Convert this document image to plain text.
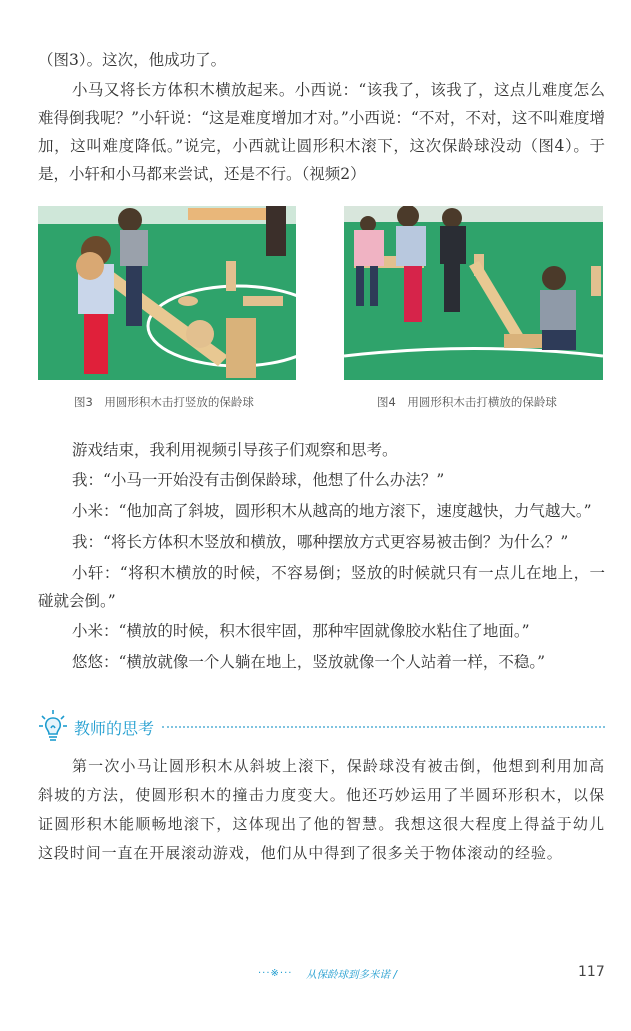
（图3）。这次，他成功了。

小马又将长方体积木横放起来。小西说：“该我了，该我了，这点儿难度怎么难得倒我呢？”小轩说：“这是难度增加才对。”小西说：“不对，不对，这不叫难度增加，这叫难度降低。”说完，小西就让圆形积木滚下，这次保龄球没动（图4）。于是，小轩和小马都来尝试，还是不行。（视频2）

图3　用圆形积木击打竖放的保龄球	图4　用圆形积木击打横放的保龄球

游戏结束，我利用视频引导孩子们观察和思考。

我：“小马一开始没有击倒保龄球，他想了什么办法？”

小米：“他加高了斜坡，圆形积木从越高的地方滚下，速度越快，力气越大。”

我：“将长方体积木竖放和横放，哪种摆放方式更容易被击倒？为什么？”

小轩：“将积木横放的时候，不容易倒；竖放的时候就只有一点儿在地上，一碰就会倒。”

小米：“横放的时候，积木很牢固，那种牢固就像胶水粘住了地面。”

悠悠：“横放就像一个人躺在地上，竖放就像一个人站着一样，不稳。”

教师的思考
第一次小马让圆形积木从斜坡上滚下，保龄球没有被击倒，他想到利用加高斜坡的方法，使圆形积木的撞击力度变大。他还巧妙运用了半圆环形积木，以保证圆形积木能顺畅地滚下，这体现出了他的智慧。我想这很大程度上得益于幼儿这段时间一直在开展滚动游戏，他们从中得到了很多关于物体滚动的经验。
···※··· 从保龄球到多米诺 /	117
